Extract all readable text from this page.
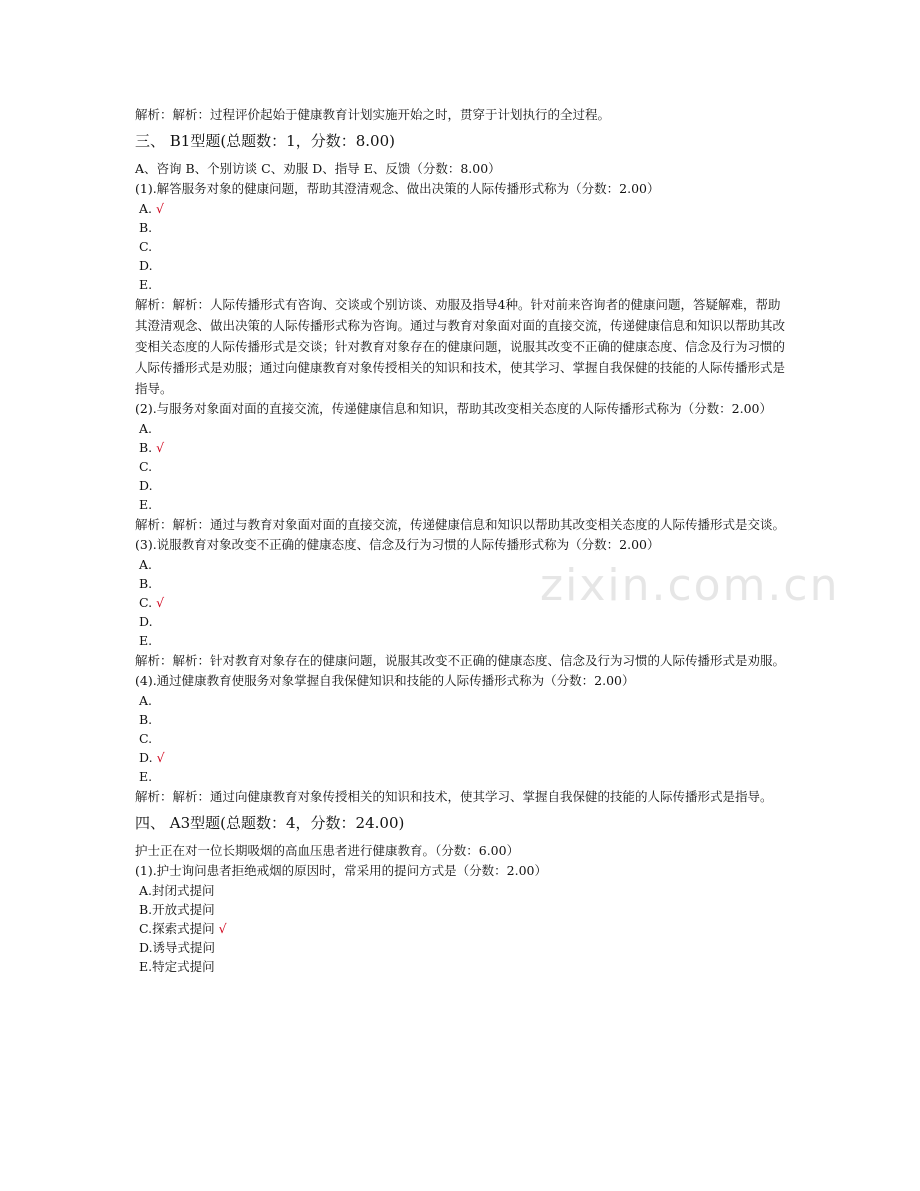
zixin.com.cn
解析：解析：过程评价起始于健康教育计划实施开始之时，贯穿于计划执行的全过程。
三、 B1型题(总题数：1，分数：8.00)
A、咨询 B、个别访谈 C、劝服 D、指导 E、反馈（分数：8.00）
(1).解答服务对象的健康问题，帮助其澄清观念、做出决策的人际传播形式称为（分数：2.00）
A. √
B.
C.
D.
E.
解析：解析：人际传播形式有咨询、交谈或个别访谈、劝服及指导4种。针对前来咨询者的健康问题，答疑解难，帮助其澄清观念、做出决策的人际传播形式称为咨询。通过与教育对象面对面的直接交流，传递健康信息和知识以帮助其改变相关态度的人际传播形式是交谈；针对教育对象存在的健康问题，说服其改变不正确的健康态度、信念及行为习惯的人际传播形式是劝服；通过向健康教育对象传授相关的知识和技术，使其学习、掌握自我保健的技能的人际传播形式是指导。
(2).与服务对象面对面的直接交流，传递健康信息和知识，帮助其改变相关态度的人际传播形式称为（分数：2.00）
A.
B. √
C.
D.
E.
解析：解析：通过与教育对象面对面的直接交流，传递健康信息和知识以帮助其改变相关态度的人际传播形式是交谈。
(3).说服教育对象改变不正确的健康态度、信念及行为习惯的人际传播形式称为（分数：2.00）
A.
B.
C. √
D.
E.
解析：解析：针对教育对象存在的健康问题，说服其改变不正确的健康态度、信念及行为习惯的人际传播形式是劝服。
(4).通过健康教育使服务对象掌握自我保健知识和技能的人际传播形式称为（分数：2.00）
A.
B.
C.
D. √
E.
解析：解析：通过向健康教育对象传授相关的知识和技术，使其学习、掌握自我保健的技能的人际传播形式是指导。
四、 A3型题(总题数：4，分数：24.00)
护士正在对一位长期吸烟的高血压患者进行健康教育。（分数：6.00）
(1).护士询问患者拒绝戒烟的原因时，常采用的提问方式是（分数：2.00）
A.封闭式提问
B.开放式提问
C.探索式提问 √
D.诱导式提问
E.特定式提问
